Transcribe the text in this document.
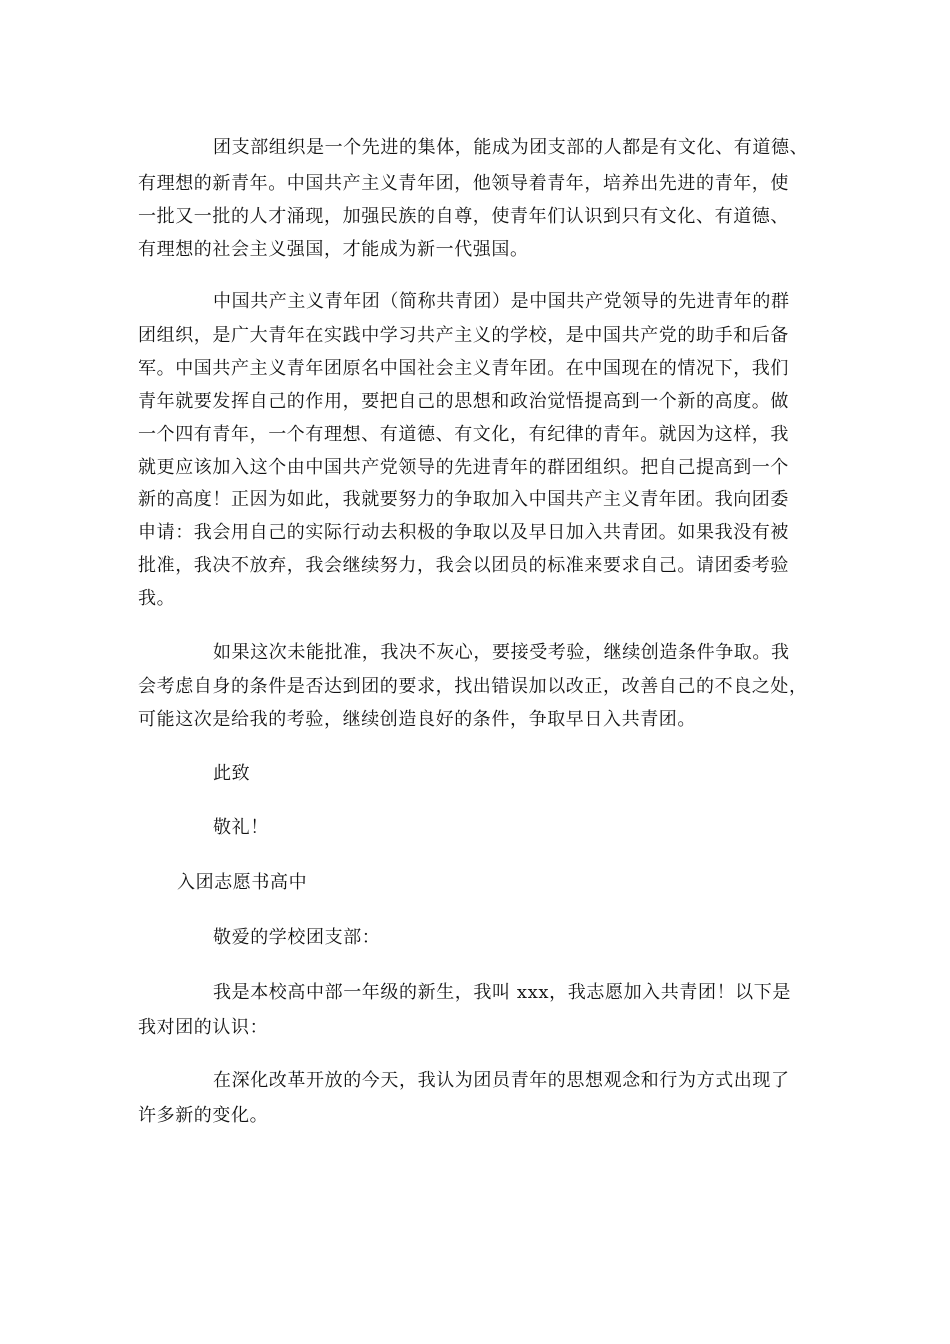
团支部组织是一个先进的集体，能成为团支部的人都是有文化、有道德、
有理想的新青年。中国共产主义青年团，他领导着青年，培养出先进的青年，使
一批又一批的人才涌现，加强民族的自尊，使青年们认识到只有文化、有道德、
有理想的社会主义强国，才能成为新一代强国。
中国共产主义青年团（简称共青团）是中国共产党领导的先进青年的群
团组织，是广大青年在实践中学习共产主义的学校，是中国共产党的助手和后备
军。中国共产主义青年团原名中国社会主义青年团。在中国现在的情况下，我们
青年就要发挥自己的作用，要把自己的思想和政治觉悟提高到一个新的高度。做
一个四有青年，一个有理想、有道德、有文化，有纪律的青年。就因为这样，我
就更应该加入这个由中国共产党领导的先进青年的群团组织。把自己提高到一个
新的高度！正因为如此，我就要努力的争取加入中国共产主义青年团。我向团委
申请：我会用自己的实际行动去积极的争取以及早日加入共青团。如果我没有被
批准，我决不放弃，我会继续努力，我会以团员的标准来要求自己。请团委考验
我。
如果这次未能批准，我决不灰心，要接受考验，继续创造条件争取。我
会考虑自身的条件是否达到团的要求，找出错误加以改正，改善自己的不良之处，
可能这次是给我的考验，继续创造良好的条件，争取早日入共青团。
此致
敬礼！
入团志愿书高中
敬爱的学校团支部：
我是本校高中部一年级的新生，我叫 xxx，我志愿加入共青团！以下是
我对团的认识：
在深化改革开放的今天，我认为团员青年的思想观念和行为方式出现了
许多新的变化。
